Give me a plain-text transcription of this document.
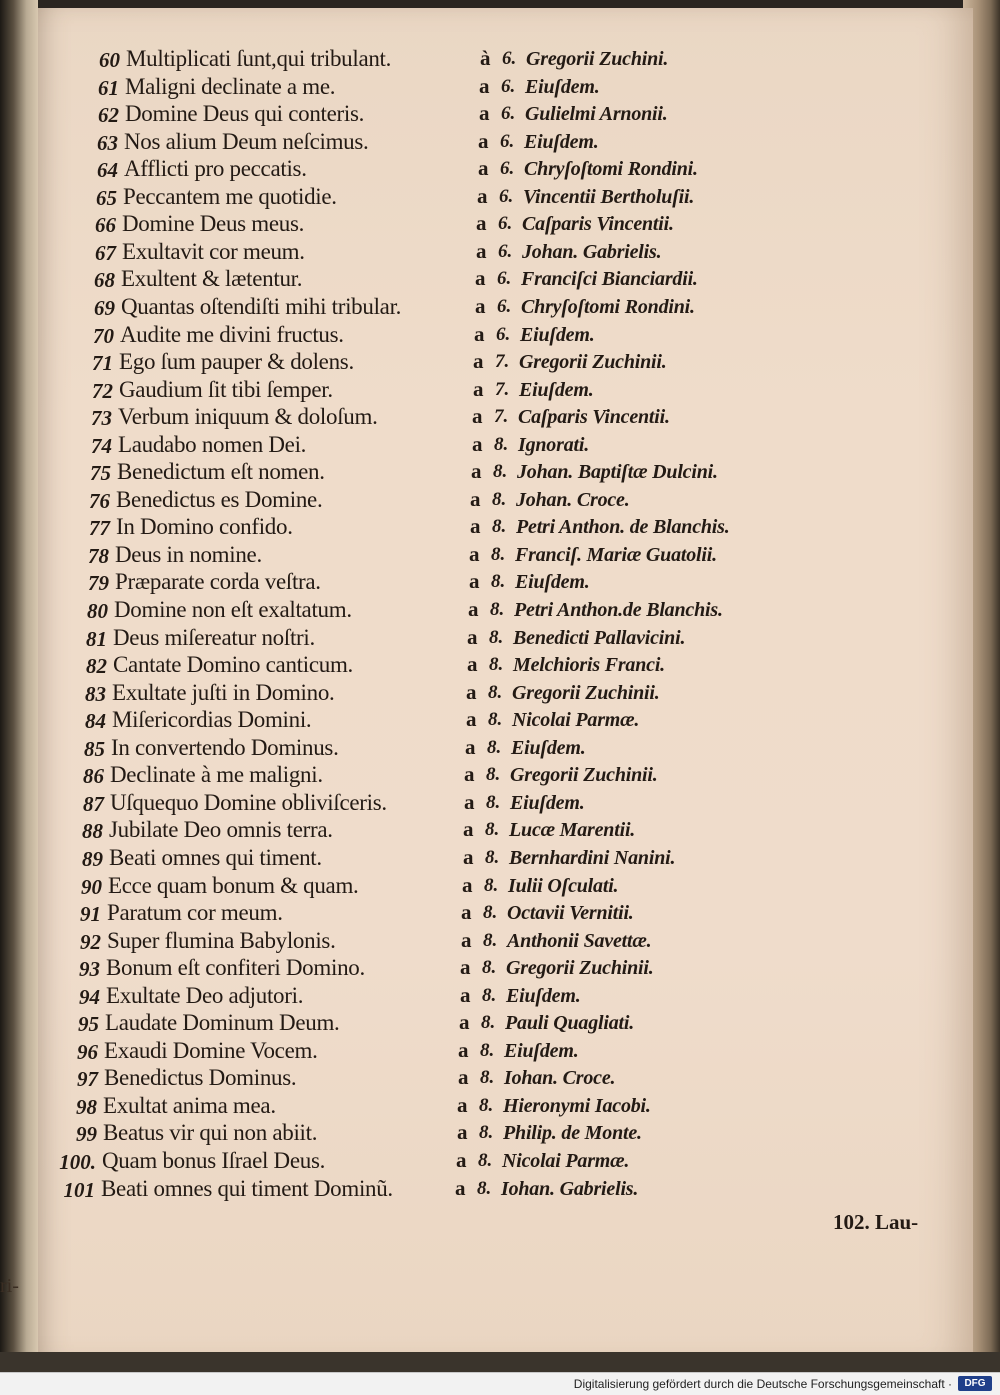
ri-
60 Multiplicati ſunt,qui tribulant.	à 6. Gregorii Zuchini.
61 Maligni declinate a me.	a 6. Eiuſdem.
62 Domine Deus qui conteris.	a 6. Gulielmi Arnonii.
63 Nos alium Deum neſcimus.	a 6. Eiuſdem.
64 Afflicti pro peccatis.	a 6. Chryſoſtomi Rondini.
65 Peccantem me quotidie.	a 6. Vincentii Bertholuſii.
66 Domine Deus meus.	a 6. Caſparis Vincentii.
67 Exultavit cor meum.	a 6. Johan. Gabrielis.
68 Exultent & lætentur.	a 6. Franciſci Bianciardii.
69 Quantas oſtendiſti mihi tribular.	a 6. Chryſoſtomi Rondini.
70 Audite me divini fructus.	a 6. Eiuſdem.
71 Ego ſum pauper & dolens.	a 7. Gregorii Zuchinii.
72 Gaudium ſit tibi ſemper.	a 7. Eiuſdem.
73 Verbum iniquum & doloſum.	a 7. Caſparis Vincentii.
74 Laudabo nomen Dei.	a 8. Ignorati.
75 Benedictum eſt nomen.	a 8. Johan. Baptiſtæ Dulcini.
76 Benedictus es Domine.	a 8. Johan. Croce.
77 In Domino confido.	a 8. Petri Anthon. de Blanchis.
78 Deus in nomine.	a 8. Franciſ. Mariæ Guatolii.
79 Præparate corda veſtra.	a 8. Eiuſdem.
80 Domine non eſt exaltatum.	a 8. Petri Anthon.de Blanchis.
81 Deus miſereatur noſtri.	a 8. Benedicti Pallavicini.
82 Cantate Domino canticum.	a 8. Melchioris Franci.
83 Exultate juſti in Domino.	a 8. Gregorii Zuchinii.
84 Miſericordias Domini.	a 8. Nicolai Parmæ.
85 In convertendo Dominus.	a 8. Eiuſdem.
86 Declinate à me maligni.	a 8. Gregorii Zuchinii.
87 Uſquequo Domine obliviſceris.	a 8. Eiuſdem.
88 Jubilate Deo omnis terra.	a 8. Lucæ Marentii.
89 Beati omnes qui timent.	a 8. Bernhardini Nanini.
90 Ecce quam bonum & quam.	a 8. Iulii Oſculati.
91 Paratum cor meum.	a 8. Octavii Vernitii.
92 Super flumina Babylonis.	a 8. Anthonii Savettæ.
93 Bonum eſt confiteri Domino.	a 8. Gregorii Zuchinii.
94 Exultate Deo adjutori.	a 8. Eiuſdem.
95 Laudate Dominum Deum.	a 8. Pauli Quagliati.
96 Exaudi Domine Vocem.	a 8. Eiuſdem.
97 Benedictus Dominus.	a 8. Iohan. Croce.
98 Exultat anima mea.	a 8. Hieronymi Iacobi.
99 Beatus vir qui non abiit.	a 8. Philip. de Monte.
100. Quam bonus Iſrael Deus.	a 8. Nicolai Parmæ.
101 Beati omnes qui timent Dominũ.	a 8. Iohan. Gabrielis.
102. Lau-
Digitalisierung gefördert durch die Deutsche Forschungsgemeinschaft ·	DFG
